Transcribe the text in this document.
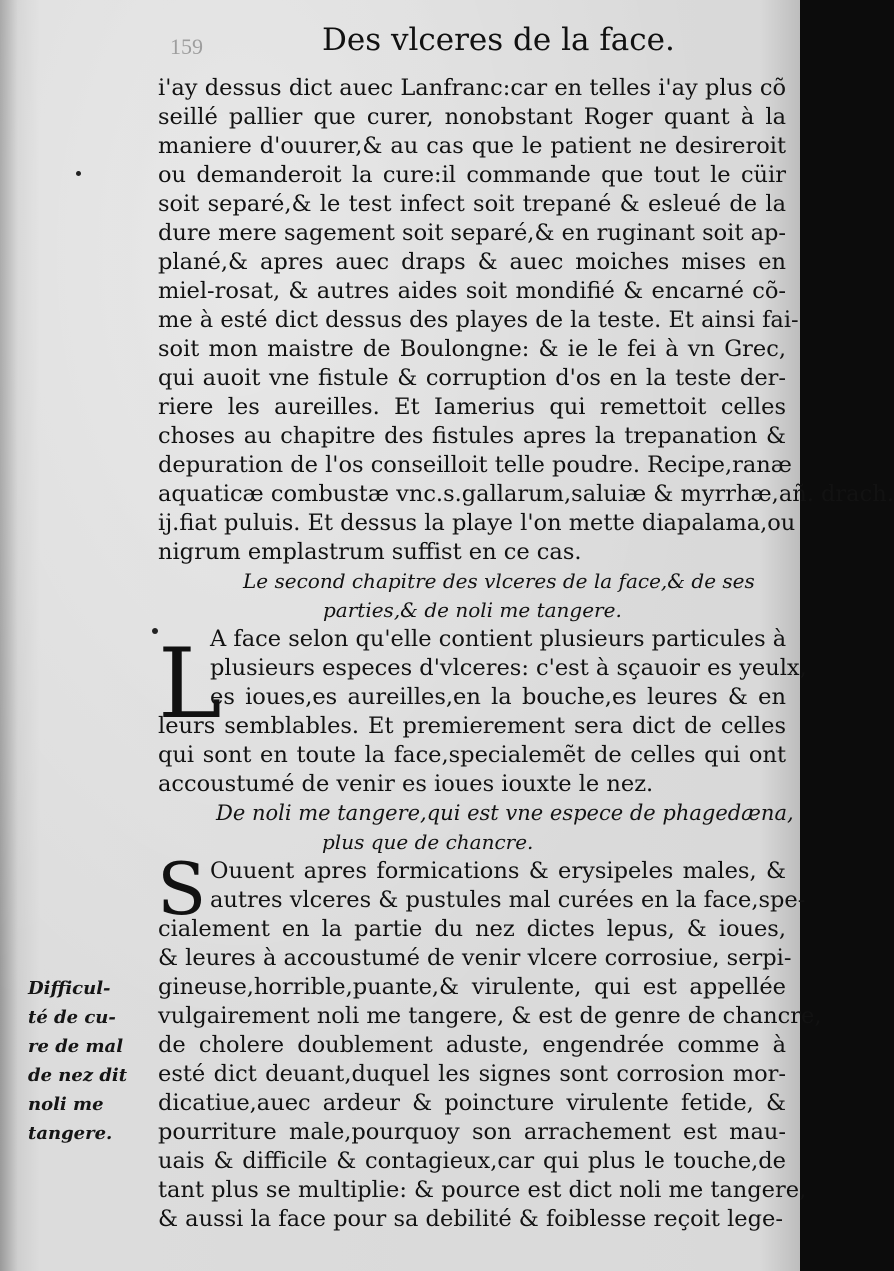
159	Des vlceres de la face.
i'ay dessus dict auec Lanfranc:car en telles i'ay plus cõ
seillé pallier que curer, nonobstant Roger quant à la
maniere d'ouurer,& au cas que le patient ne desireroit
ou demanderoit la cure:il commande que tout le cüir
soit separé,& le test infect soit trepané & esleué de la
dure mere sagement soit separé,& en ruginant soit ap-
plané,& apres auec draps & auec moiches mises en
miel-rosat, & autres aides soit mondifié & encarné cõ-
me à esté dict dessus des playes de la teste. Et ainsi fai-
soit mon maistre de Boulongne: & ie le fei à vn Grec,
qui auoit vne fistule & corruption d'os en la teste der-
riere les aureilles. Et Iamerius qui remettoit celles
choses au chapitre des fistules apres la trepanation &
depuration de l'os conseilloit telle poudre. Recipe,ranæ
aquaticæ combustæ vnc.s.gallarum,saluiæ & myrrhæ,añ. drach.
ij.fiat puluis. Et dessus la playe l'on mette diapalama,ou
nigrum emplastrum suffist en ce cas.
Le second chapitre des vlceres de la face,& de ses
parties,& de noli me tangere.
A face selon qu'elle contient plusieurs particules à
plusieurs especes d'vlceres: c'est à sçauoir es yeulx,
es ioues,es aureilles,en la bouche,es leures & en
leurs semblables. Et premierement sera dict de celles
qui sont en toute la face,specialemẽt de celles qui ont
accoustumé de venir es ioues iouxte le nez.
De noli me tangere,qui est vne espece de phagedæna,
plus que de chancre.
Ouuent apres formications & erysipeles males, &
autres vlceres & pustules mal curées en la face,spe-
cialement en la partie du nez dictes lepus, & ioues,
& leures à accoustumé de venir vlcere corrosiue, serpi-
gineuse,horrible,puante,& virulente, qui est appellée
vulgairement noli me tangere, & est de genre de chancre,
de cholere doublement aduste, engendrée comme à
esté dict deuant,duquel les signes sont corrosion mor-
dicatiue,auec ardeur & poincture virulente fetide, &
pourriture male,pourquoy son arrachement est mau-
uais & difficile & contagieux,car qui plus le touche,de
tant plus se multiplie: & pource est dict noli me tangere,
& aussi la face pour sa debilité & foiblesse reçoit lege-
L
S
Difficul-
té de cu-
re de mal
de nez dit
noli me
tangere.
